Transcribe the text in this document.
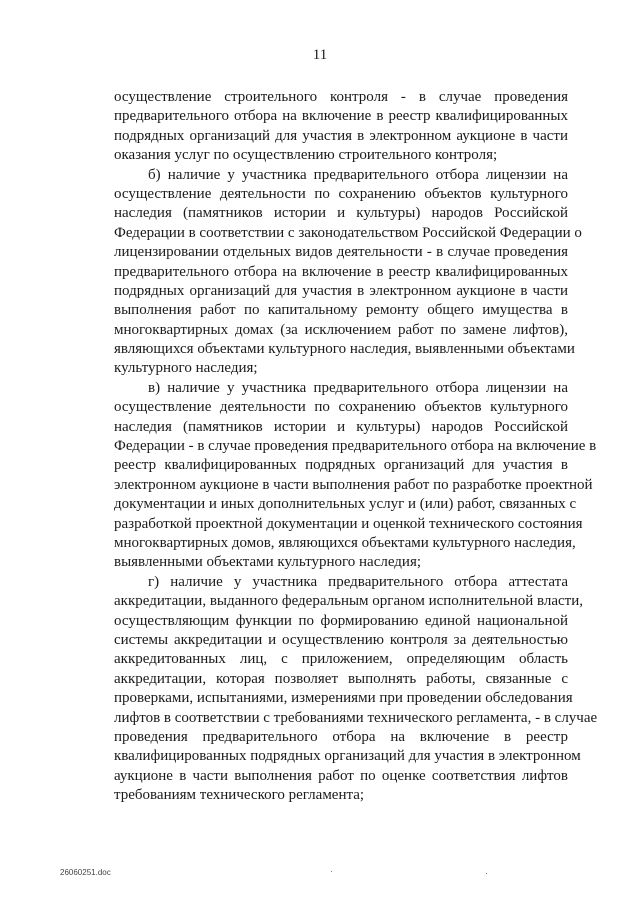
11
осуществление строительного контроля - в случае проведения
предварительного отбора на включение в реестр квалифицированных
подрядных организаций для участия в электронном аукционе в части
оказания услуг по осуществлению строительного контроля;
б) наличие у участника предварительного отбора лицензии на
осуществление деятельности по сохранению объектов культурного
наследия (памятников истории и культуры) народов Российской
Федерации в соответствии с законодательством Российской Федерации о
лицензировании отдельных видов деятельности - в случае проведения
предварительного отбора на включение в реестр квалифицированных
подрядных организаций для участия в электронном аукционе в части
выполнения работ по капитальному ремонту общего имущества в
многоквартирных домах (за исключением работ по замене лифтов),
являющихся объектами культурного наследия, выявленными объектами
культурного наследия;
в) наличие у участника предварительного отбора лицензии на
осуществление деятельности по сохранению объектов культурного
наследия (памятников истории и культуры) народов Российской
Федерации - в случае проведения предварительного отбора на включение в
реестр квалифицированных подрядных организаций для участия в
электронном аукционе в части выполнения работ по разработке проектной
документации и иных дополнительных услуг и (или) работ, связанных с
разработкой проектной документации и оценкой технического состояния
многоквартирных домов, являющихся объектами культурного наследия,
выявленными объектами культурного наследия;
г) наличие у участника предварительного отбора аттестата
аккредитации, выданного федеральным органом исполнительной власти,
осуществляющим функции по формированию единой национальной
системы аккредитации и осуществлению контроля за деятельностью
аккредитованных лиц, с приложением, определяющим область
аккредитации, которая позволяет выполнять работы, связанные с
проверками, испытаниями, измерениями при проведении обследования
лифтов в соответствии с требованиями технического регламента, - в случае
проведения предварительного отбора на включение в реестр
квалифицированных подрядных организаций для участия в электронном
аукционе в части выполнения работ по оценке соответствия лифтов
требованиям технического регламента;
26060251.doc
